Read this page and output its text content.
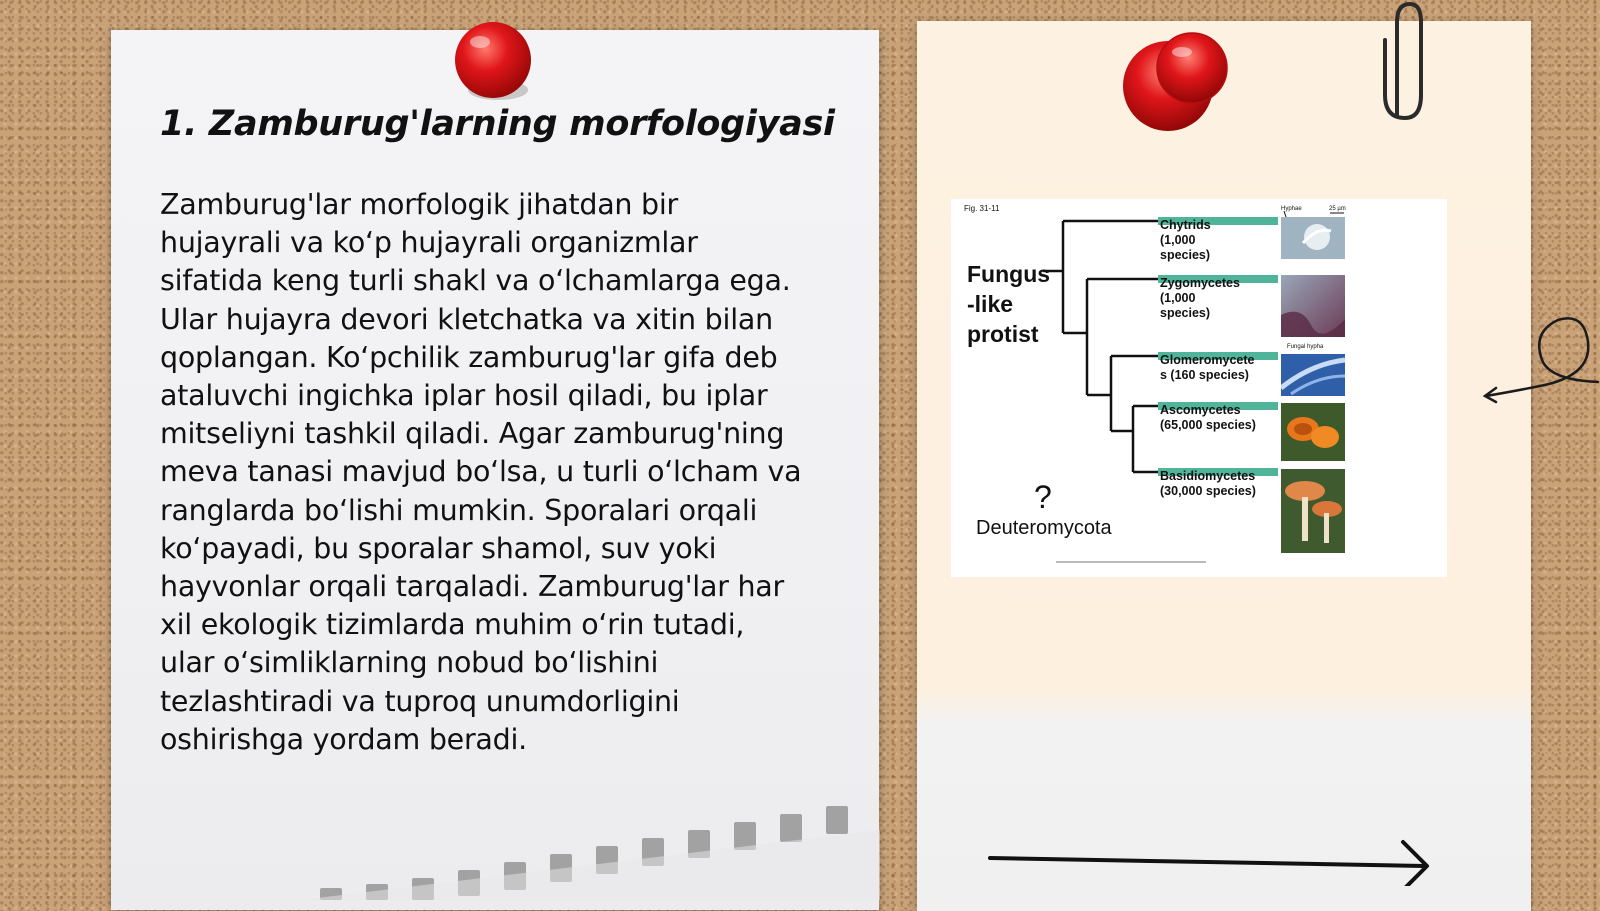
1. Zamburug'larning morfologiyasi

Zamburug'lar morfologik jihatdan bir
hujayrali va ko‘p hujayrali organizmlar
sifatida keng turli shakl va o‘lchamlarga ega.
Ular hujayra devori kletchatka va xitin bilan
qoplangan. Ko‘pchilik zamburug'lar gifa deb
ataluvchi ingichka iplar hosil qiladi, bu iplar
mitseliyni tashkil qiladi. Agar zamburug'ning
meva tanasi mavjud bo‘lsa, u turli o‘lcham va
ranglarda bo‘lishi mumkin. Sporalari orqali
ko‘payadi, bu sporalar shamol, suv yoki
hayvonlar orqali tarqaladi. Zamburug'lar har
xil ekologik tizimlarda muhim o‘rin tutadi,
ular o‘simliklarning nobud bo‘lishini
tezlashtiradi va tuproq unumdorligini
oshirishga yordam beradi.

Fig. 31-11	Hyphae	25 µm
Fungal hypha
Fungus
-like
protist
Chytrids
(1,000
species)
Zygomycetes
(1,000
species)
Glomeromycete
s (160 species)
Ascomycetes
(65,000 species)
Basidiomycetes
(30,000 species)
?
Deuteromycota
